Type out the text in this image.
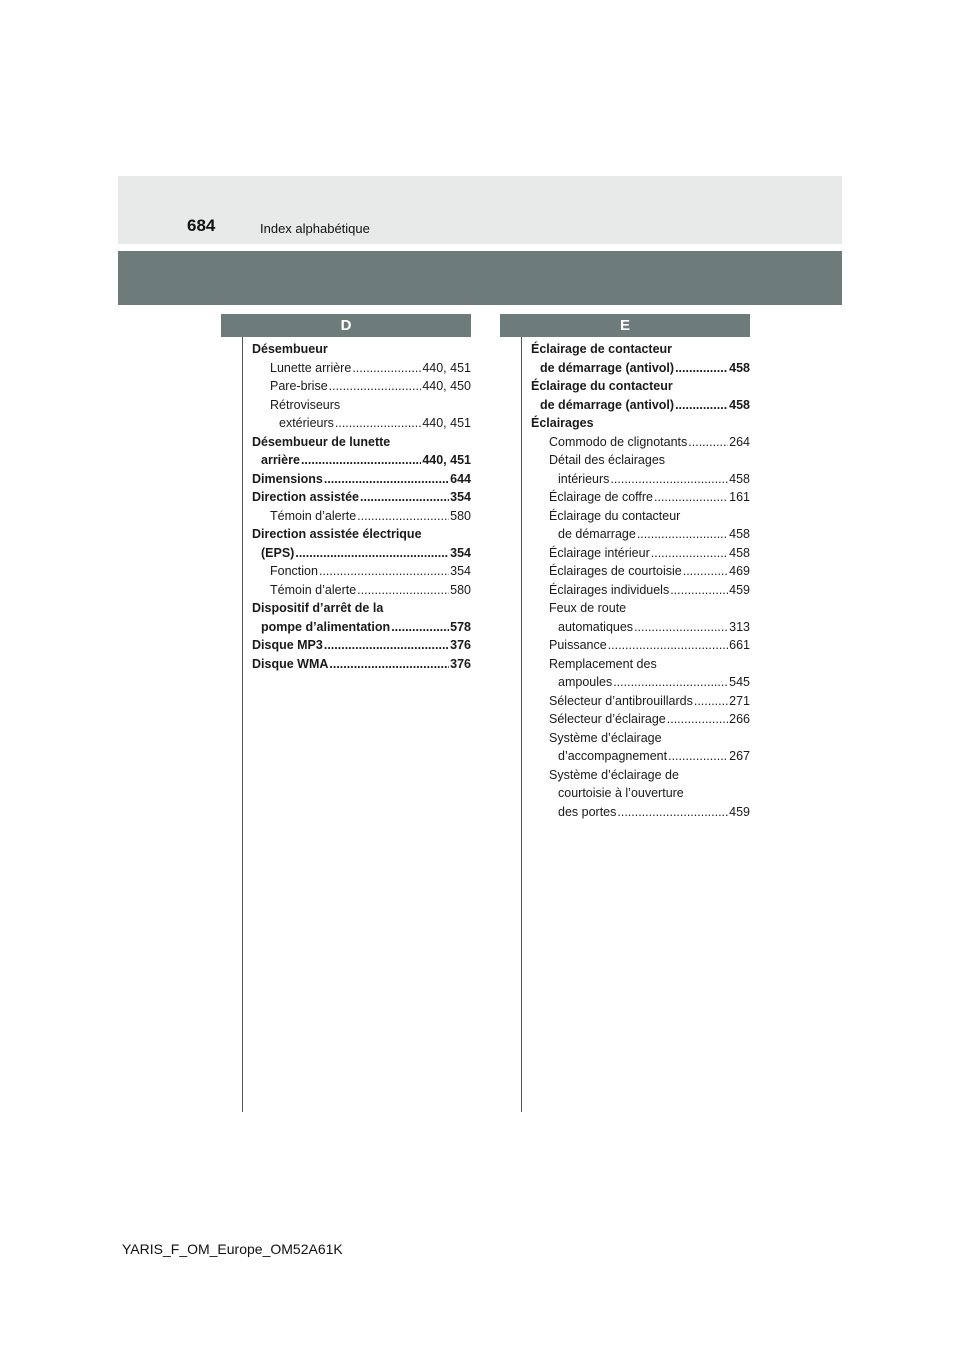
684	Index alphabétique
D	E
Désembueur
Lunette arrière .....	440, 451
Pare-brise .....	440, 450
Rétroviseurs
extérieurs .....	440, 451
Désembueur de lunette
arrière .....	440, 451
Dimensions .....	644
Direction assistée .....	354
Témoin d’alerte .....	580
Direction assistée électrique
(EPS) .....	354
Fonction .....	354
Témoin d’alerte .....	580
Dispositif d’arrêt de la
pompe d’alimentation .....	578
Disque MP3 .....	376
Disque WMA .....	376
Éclairage de contacteur
de démarrage (antivol) .....	458
Éclairage du contacteur
de démarrage (antivol) .....	458
Éclairages
Commodo de clignotants .....	264
Détail des éclairages
intérieurs .....	458
Éclairage de coffre .....	161
Éclairage du contacteur
de démarrage .....	458
Éclairage intérieur .....	458
Éclairages de courtoisie .....	469
Éclairages individuels .....	459
Feux de route
automatiques .....	313
Puissance .....	661
Remplacement des
ampoules .....	545
Sélecteur d’antibrouillards .....	271
Sélecteur d’éclairage .....	266
Système d’éclairage
d’accompagnement .....	267
Système d’éclairage de
courtoisie à l’ouverture
des portes .....	459
YARIS_F_OM_Europe_OM52A61K
